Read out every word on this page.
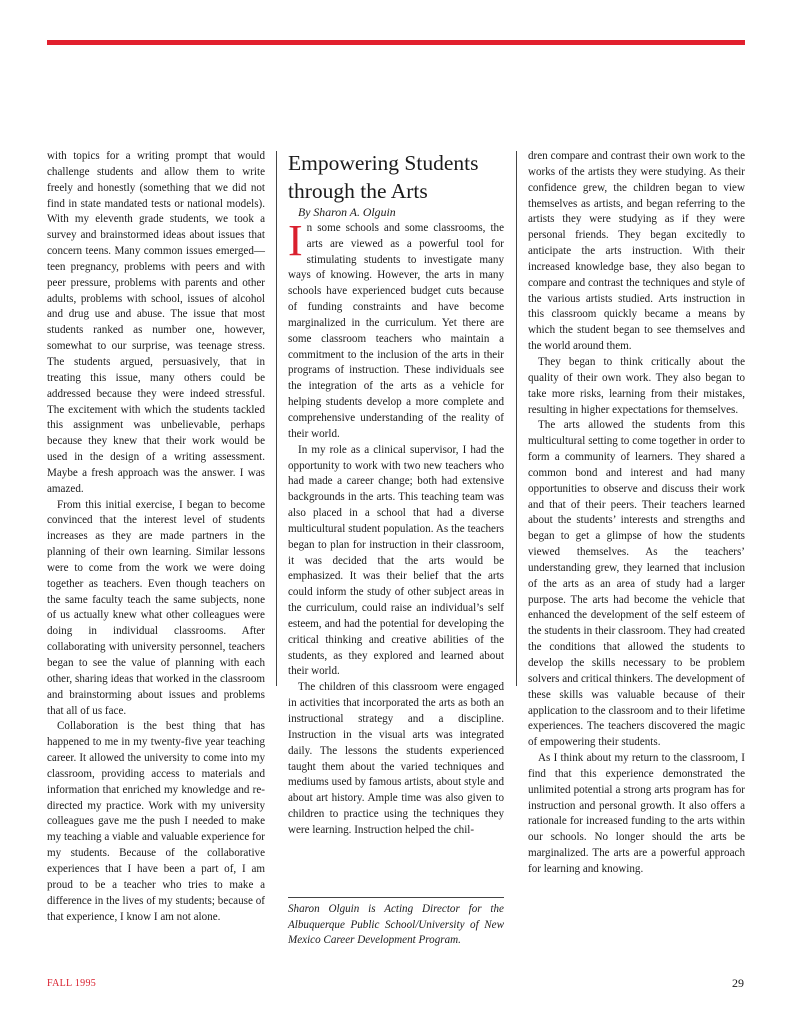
with topics for a writing prompt that would challenge students and allow them to write freely and honestly (something that we did not find in state mandated tests or national models). With my eleventh grade students, we took a survey and brainstormed ideas about issues that concern teens. Many common issues emerged—teen pregnancy, problems with peers and with peer pressure, problems with parents and other adults, problems with school, issues of alcohol and drug use and abuse. The issue that most students ranked as number one, however, somewhat to our surprise, was teenage stress. The students argued, persuasively, that in treating this issue, many others could be addressed because they were indeed stressful. The excitement with which the students tackled this assignment was unbelievable, perhaps because they knew that their work would be used in the design of a writing assessment. Maybe a fresh approach was the answer. I was amazed.

From this initial exercise, I began to become convinced that the interest level of students increases as they are made partners in the planning of their own learning. Similar lessons were to come from the work we were doing together as teachers. Even though teachers on the same faculty teach the same subjects, none of us actually knew what other colleagues were doing in individual classrooms. After collaborating with university personnel, teachers began to see the value of planning with each other, sharing ideas that worked in the classroom and brainstorming about issues and problems that all of us face.

Collaboration is the best thing that has happened to me in my twenty-five year teaching career. It allowed the university to come into my classroom, providing access to materials and information that enriched my knowledge and re-directed my practice. Work with my university colleagues gave me the push I needed to make my teaching a viable and valuable experience for my students. Because of the collaborative experiences that I have been a part of, I am proud to be a teacher who tries to make a difference in the lives of my students; because of that experience, I know I am not alone.

Empowering Students through the Arts

By Sharon A. Olguin

In some schools and some classrooms, the arts are viewed as a powerful tool for stimulating students to investigate many ways of knowing. However, the arts in many schools have experienced budget cuts because of funding constraints and have become marginalized in the curriculum. Yet there are some classroom teachers who maintain a commitment to the inclusion of the arts in their programs of instruction. These individuals see the integration of the arts as a vehicle for helping students develop a more complete and comprehensive understanding of the reality of their world.

In my role as a clinical supervisor, I had the opportunity to work with two new teachers who had made a career change; both had extensive backgrounds in the arts. This teaching team was also placed in a school that had a diverse multicultural student population. As the teachers began to plan for instruction in their classroom, it was decided that the arts would be emphasized. It was their belief that the arts could inform the study of other subject areas in the curriculum, could raise an individual’s self esteem, and had the potential for developing the critical thinking and creative abilities of the students, as they explored and learned about their world.

The children of this classroom were engaged in activities that incorporated the arts as both an instructional strategy and a discipline. Instruction in the visual arts was integrated daily. The lessons the students experienced taught them about the varied techniques and mediums used by famous artists, about style and about art history. Ample time was also given to children to practice using the techniques they were learning. Instruction helped the chil-

Sharon Olguin is Acting Director for the Albuquerque Public School/University of New Mexico Career Development Program.

dren compare and contrast their own work to the works of the artists they were studying. As their confidence grew, the children began to view themselves as artists, and began referring to the artists they were studying as if they were personal friends. They began excitedly to anticipate the arts instruction. With their increased knowledge base, they also began to compare and contrast the techniques and style of the various artists studied. Arts instruction in this classroom quickly became a means by which the student began to see themselves and the world around them.

They began to think critically about the quality of their own work. They also began to take more risks, learning from their mistakes, resulting in higher expectations for themselves.

The arts allowed the students from this multicultural setting to come together in order to form a community of learners. They shared a common bond and interest and had many opportunities to observe and discuss their work and that of their peers. Their teachers learned about the students’ interests and strengths and began to get a glimpse of how the students viewed themselves. As the teachers’ understanding grew, they learned that inclusion of the arts as an area of study had a larger purpose. The arts had become the vehicle that enhanced the development of the self esteem of the students in their classroom. They had created the conditions that allowed the students to develop the skills necessary to be problem solvers and critical thinkers. The development of these skills was valuable because of their application to the classroom and to their lifetime experiences. The teachers discovered the magic of empowering their students.

As I think about my return to the classroom, I find that this experience demonstrated the unlimited potential a strong arts program has for instruction and personal growth. It also offers a rationale for increased funding to the arts within our schools. No longer should the arts be marginalized. The arts are a powerful approach for learning and knowing.

FALL 1995	29
